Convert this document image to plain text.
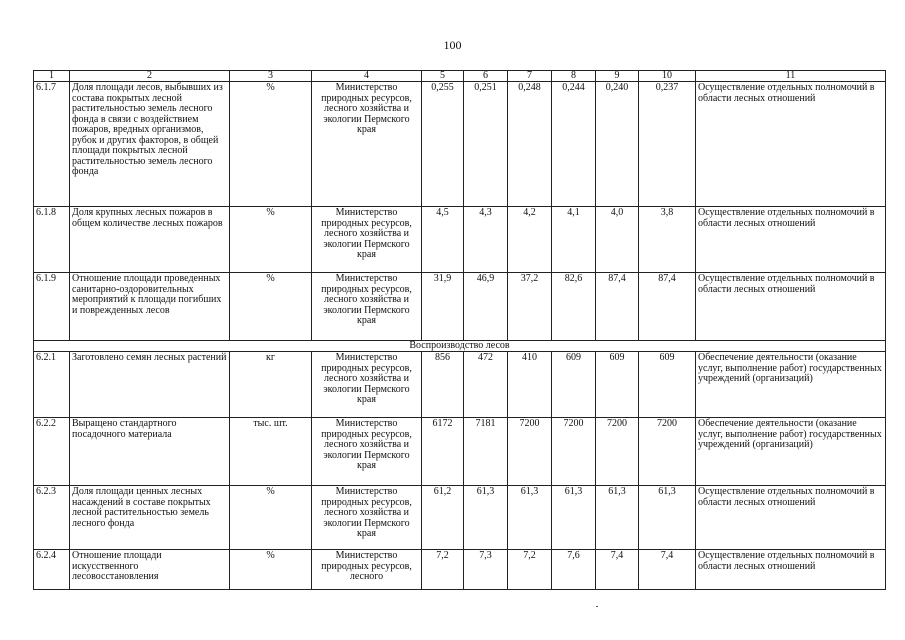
100
1	2	3	4	5	6	7	8	9	10	11
6.1.7	Доля площади лесов, выбывших из состава покрытых лесной растительностью земель лесного фонда в связи с воздействием пожаров, вредных организмов, рубок и других факторов, в общей площади покрытых лесной растительностью земель лесного фонда	%	Министерство природных ресурсов, лесного хозяйства и экологии Пермского края	0,255	0,251	0,248	0,244	0,240	0,237	Осуществление отдельных полномочий в области лесных отношений
6.1.8	Доля крупных лесных пожаров в общем количестве лесных пожаров	%	Министерство природных ресурсов, лесного хозяйства и экологии Пермского края	4,5	4,3	4,2	4,1	4,0	3,8	Осуществление отдельных полномочий в области лесных отношений
6.1.9	Отношение площади проведенных санитарно-оздоровительных мероприятий к площади погибших и поврежденных лесов	%	Министерство природных ресурсов, лесного хозяйства и экологии Пермского края	31,9	46,9	37,2	82,6	87,4	87,4	Осуществление отдельных полномочий в области лесных отношений
Воспроизводство лесов										
6.2.1	Заготовлено семян лесных растений	кг	Министерство природных ресурсов, лесного хозяйства и экологии Пермского края	856	472	410	609	609	609	Обеспечение деятельности (оказание услуг, выполнение работ) государственных учреждений (организаций)
6.2.2	Выращено стандартного посадочного материала	тыс. шт.	Министерство природных ресурсов, лесного хозяйства и экологии Пермского края	6172	7181	7200	7200	7200	7200	Обеспечение деятельности (оказание услуг, выполнение работ) государственных учреждений (организаций)
6.2.3	Доля площади ценных лесных насаждений в составе покрытых лесной растительностью земель лесного фонда	%	Министерство природных ресурсов, лесного хозяйства и экологии Пермского края	61,2	61,3	61,3	61,3	61,3	61,3	Осуществление отдельных полномочий в области лесных отношений
6.2.4	Отношение площади искусственного лесовосстановления	%	Министерство природных ресурсов, лесного	7,2	7,3	7,2	7,6	7,4	7,4	Осуществление отдельных полномочий в области лесных отношений
